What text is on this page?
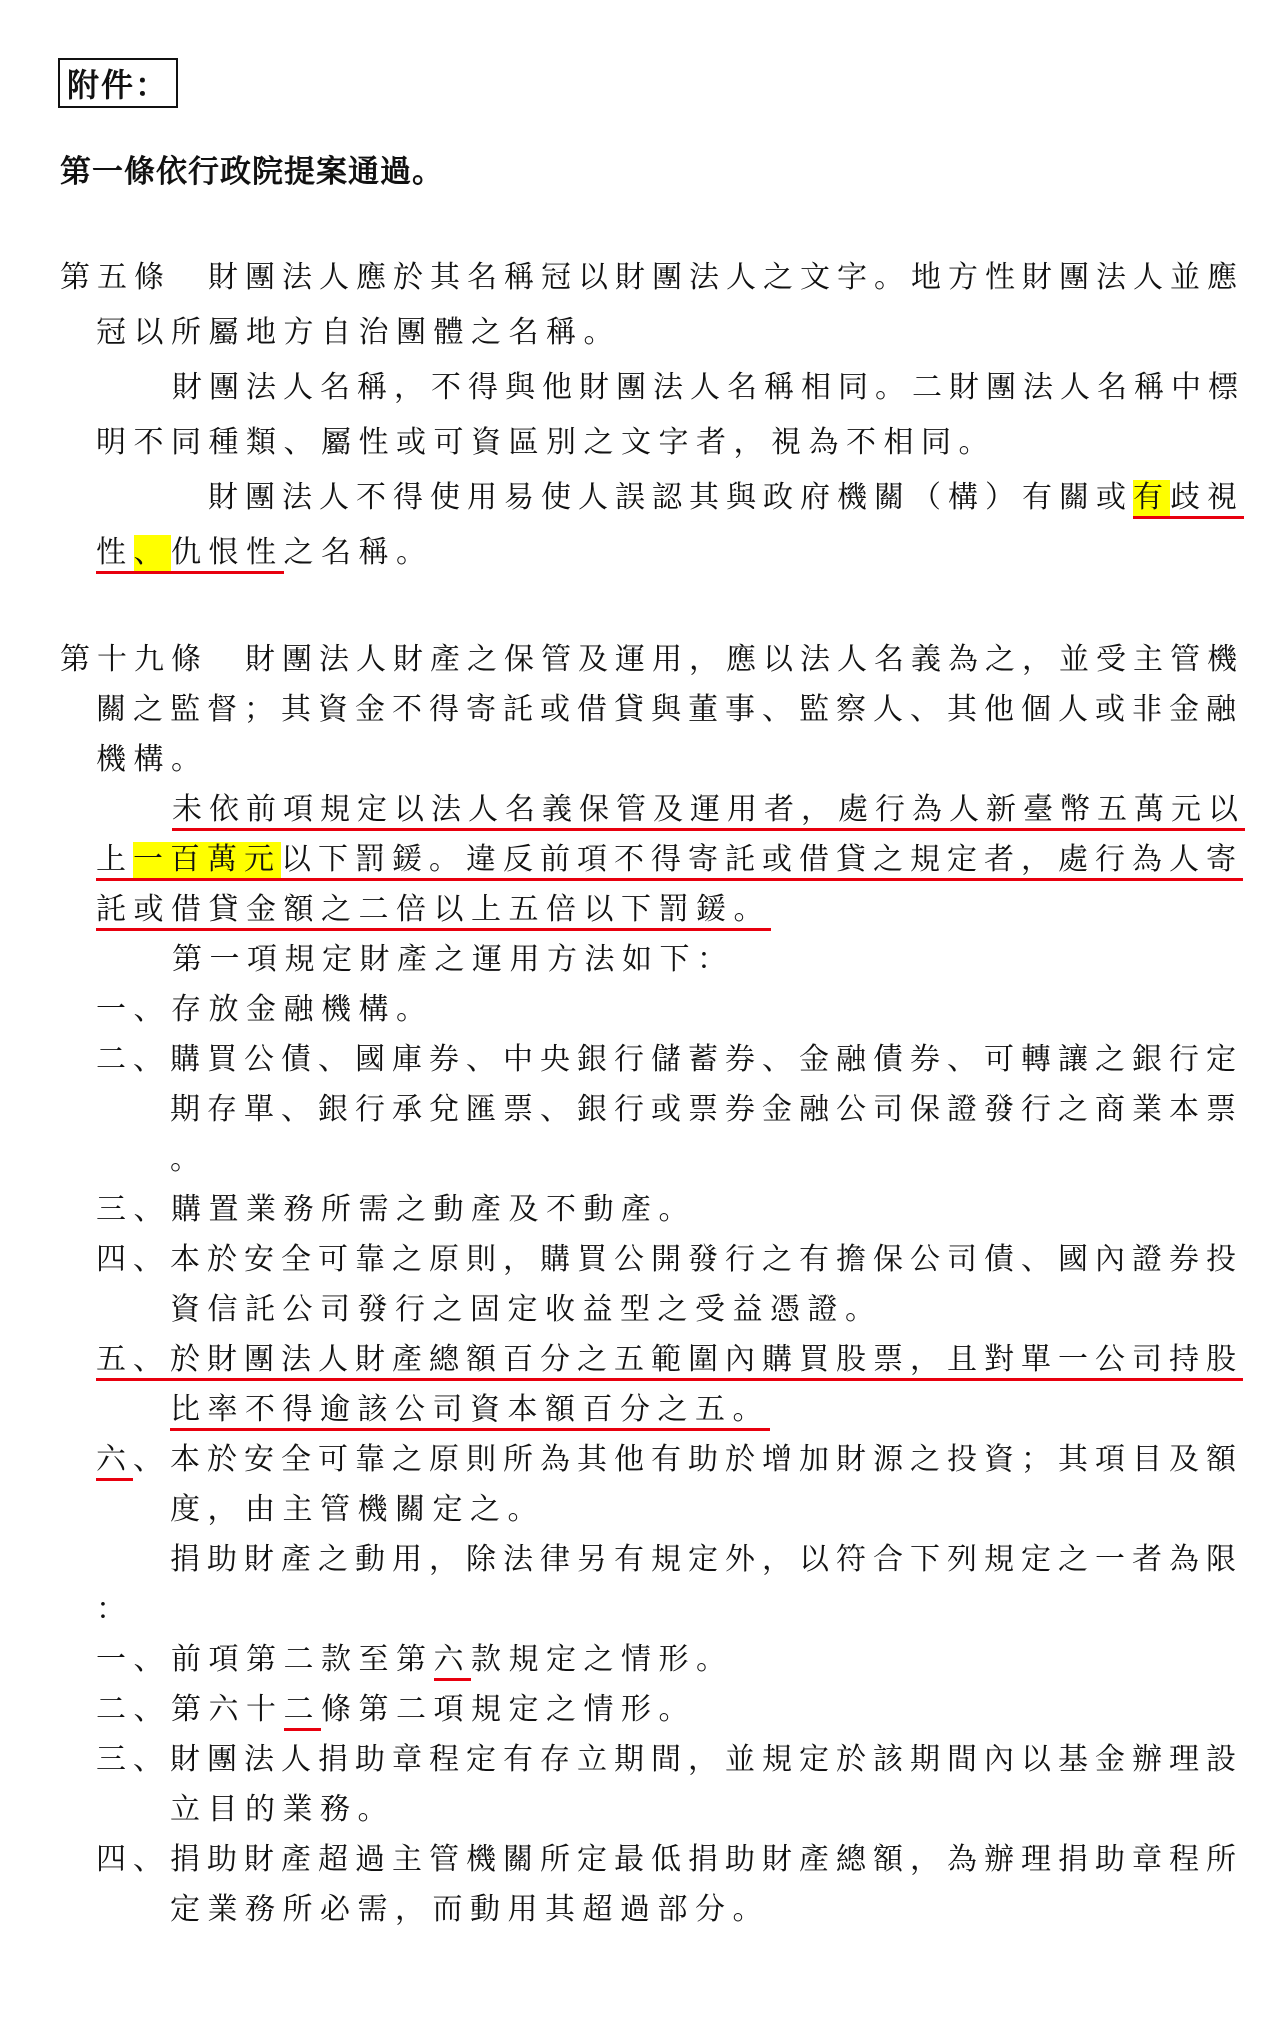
附件：
第一條依行政院提案通過。
第五條　財團法人應於其名稱冠以財團法人之文字。地方性財團法人並應
冠以所屬地方自治團體之名稱。
財團法人名稱，不得與他財團法人名稱相同。二財團法人名稱中標
明不同種類、屬性或可資區別之文字者，視為不相同。
財團法人不得使用易使人誤認其與政府機關（構）有關或有歧視
性、仇恨性之名稱。
第十九條　財團法人財產之保管及運用，應以法人名義為之，並受主管機
關之監督；其資金不得寄託或借貸與董事、監察人、其他個人或非金融
機構。
未依前項規定以法人名義保管及運用者，處行為人新臺幣五萬元以
上一百萬元以下罰鍰。違反前項不得寄託或借貸之規定者，處行為人寄
託或借貸金額之二倍以上五倍以下罰鍰。
第一項規定財產之運用方法如下：
一、存放金融機構。
二、購買公債、國庫券、中央銀行儲蓄券、金融債券、可轉讓之銀行定
期存單、銀行承兌匯票、銀行或票券金融公司保證發行之商業本票
。
三、購置業務所需之動產及不動產。
四、本於安全可靠之原則，購買公開發行之有擔保公司債、國內證券投
資信託公司發行之固定收益型之受益憑證。
五、於財團法人財產總額百分之五範圍內購買股票，且對單一公司持股
比率不得逾該公司資本額百分之五。
六、本於安全可靠之原則所為其他有助於增加財源之投資；其項目及額
度，由主管機關定之。
捐助財產之動用，除法律另有規定外，以符合下列規定之一者為限
：
一、前項第二款至第六款規定之情形。
二、第六十二條第二項規定之情形。
三、財團法人捐助章程定有存立期間，並規定於該期間內以基金辦理設
立目的業務。
四、捐助財產超過主管機關所定最低捐助財產總額，為辦理捐助章程所
定業務所必需，而動用其超過部分。
